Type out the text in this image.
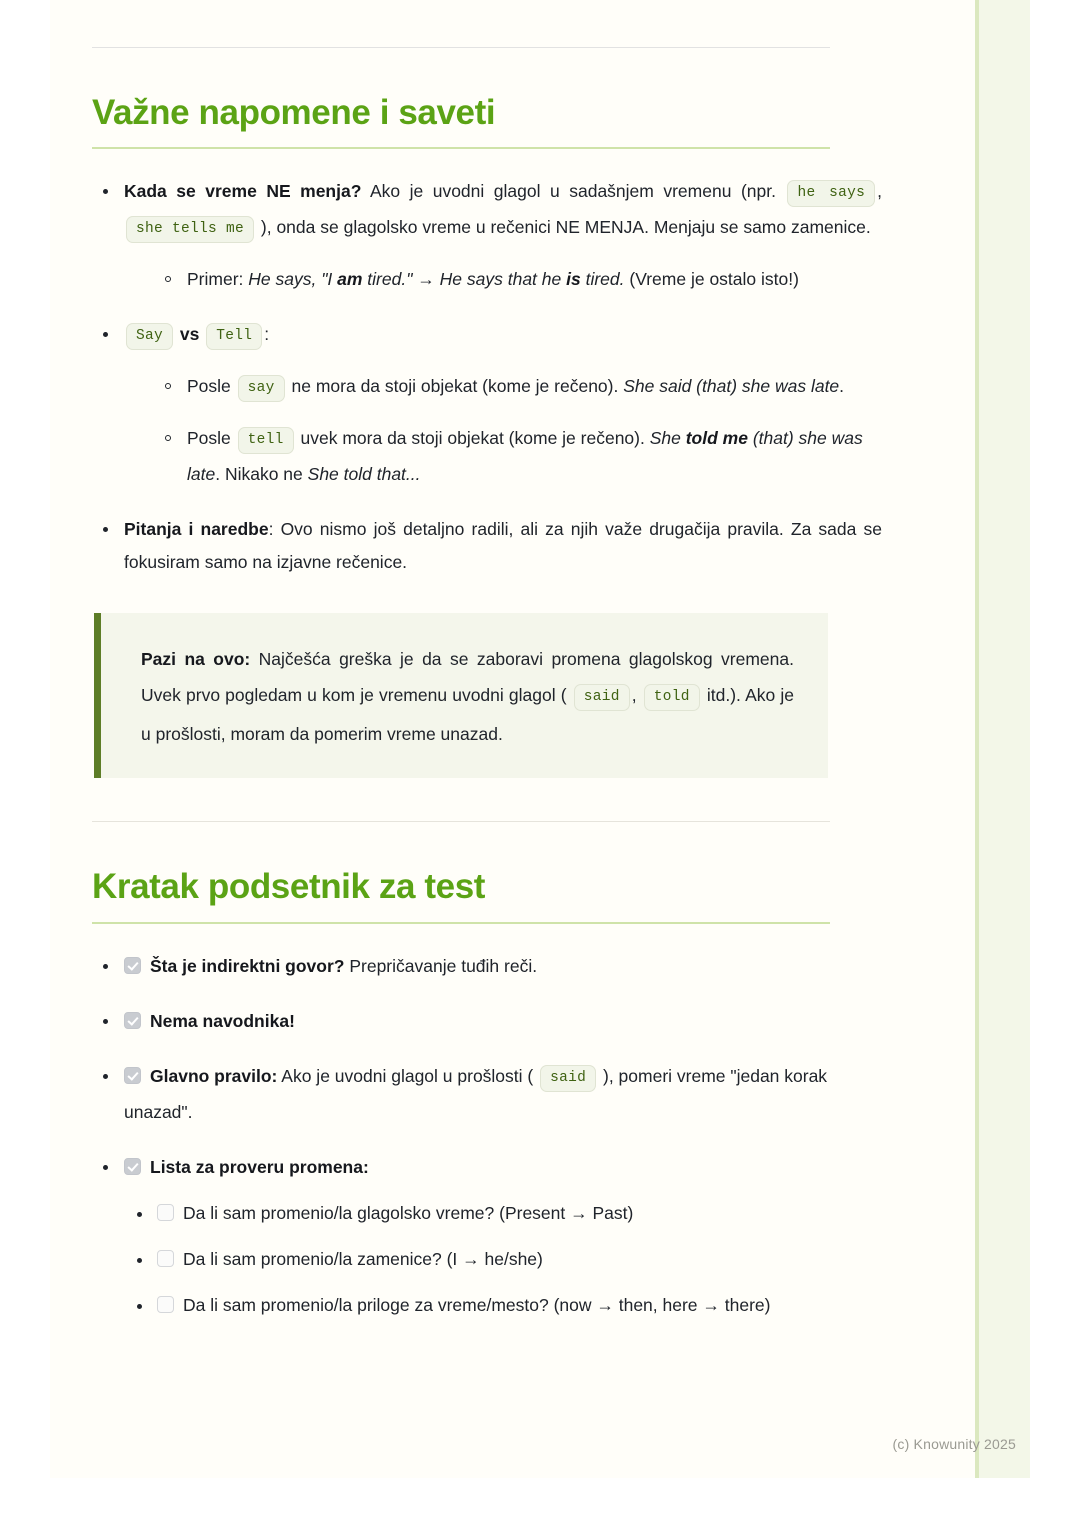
Važne napomene i saveti
Kada se vreme NE menja? Ako je uvodni glagol u sadašnjem vremenu (npr. he says , she tells me ), onda se glagolsko vreme u rečenici NE MENJA. Menjaju se samo zamenice.
Primer: He says, "I am tired." → He says that he is tired. (Vreme je ostalo isto!)
Say vs Tell :
Posle say ne mora da stoji objekat (kome je rečeno). She said (that) she was late.
Posle tell uvek mora da stoji objekat (kome je rečeno). She told me (that) she was late. Nikako ne She told that...
Pitanja i naredbe: Ovo nismo još detaljno radili, ali za njih važe drugačija pravila. Za sada se fokusiram samo na izjavne rečenice.

Pazi na ovo: Najčešća greška je da se zaboravi promena glagolskog vremena. Uvek prvo pogledam u kom je vremenu uvodni glagol ( said , told itd.). Ako je u prošlosti, moram da pomerim vreme unazad.

Kratak podsetnik za test
Šta je indirektni govor? Prepričavanje tuđih reči.
Nema navodnika!
Glavno pravilo: Ako je uvodni glagol u prošlosti ( said ), pomeri vreme "jedan korak unazad".
Lista za proveru promena:
Da li sam promenio/la glagolsko vreme? (Present → Past)
Da li sam promenio/la zamenice? (I → he/she)
Da li sam promenio/la priloge za vreme/mesto? (now → then, here → there)
(c) Knowunity 2025
